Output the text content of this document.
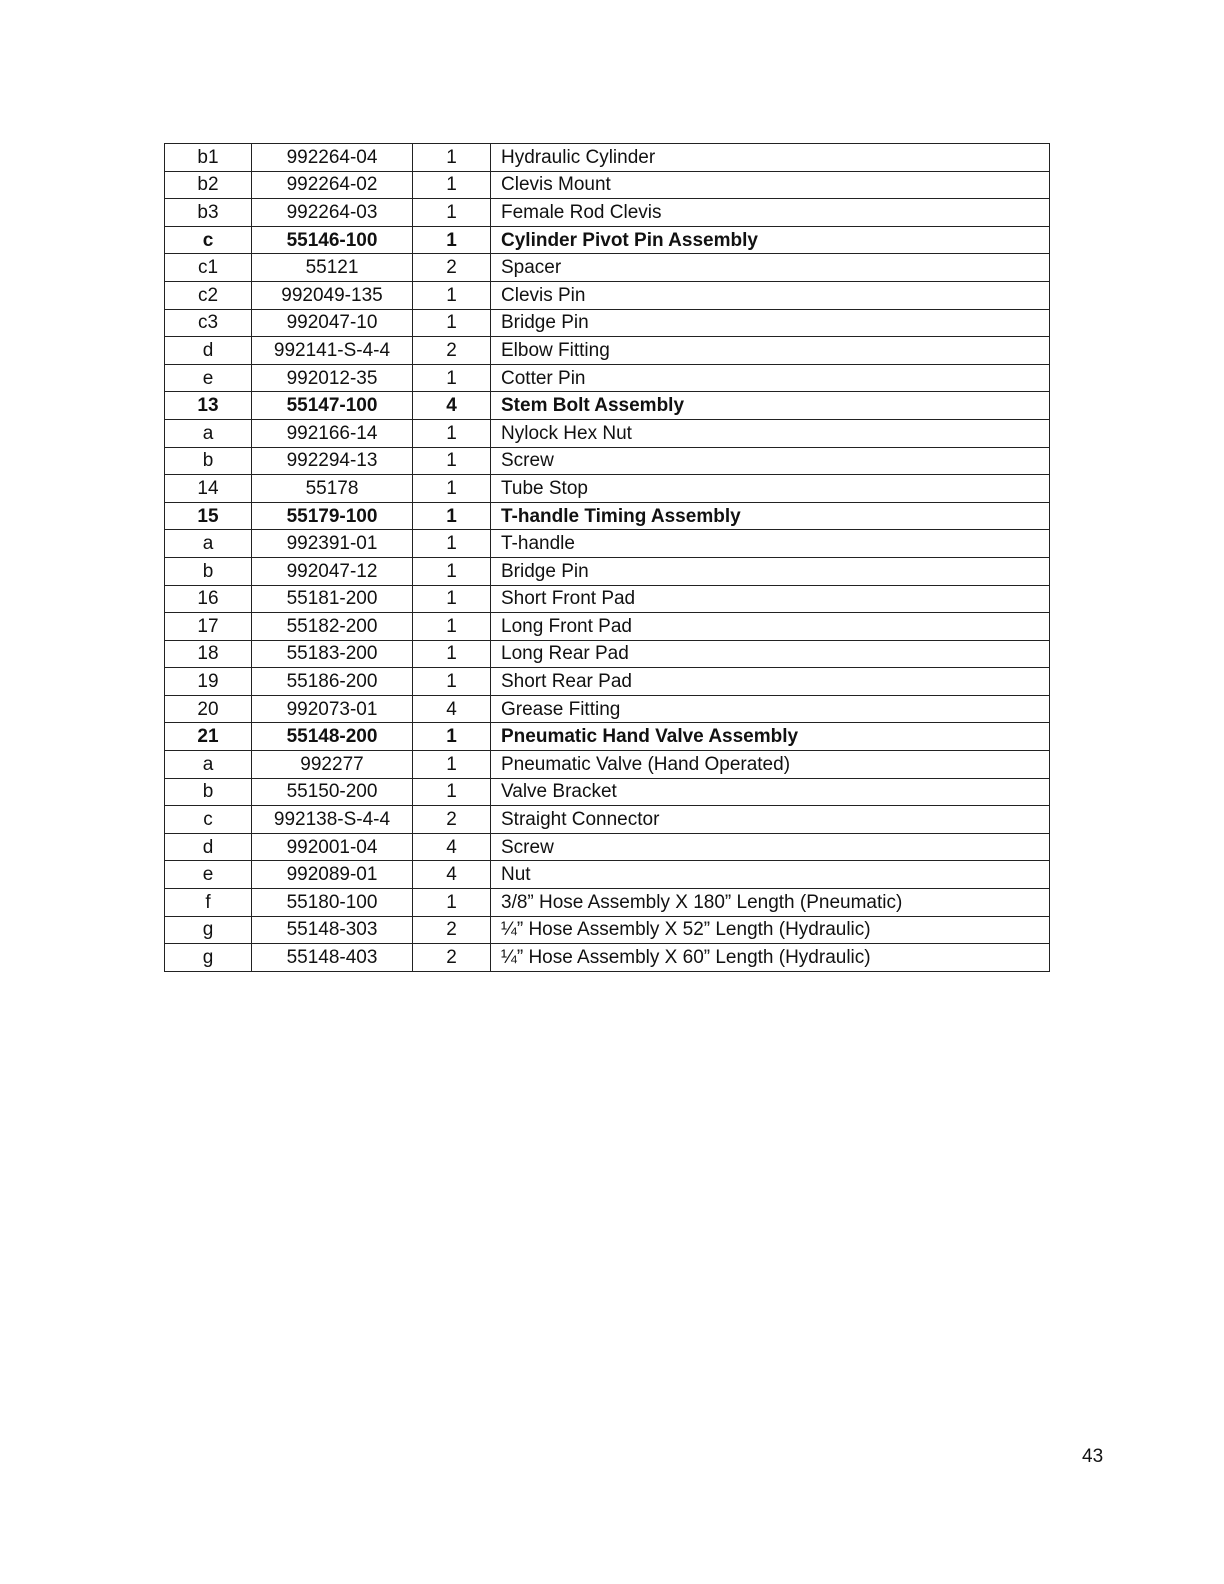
b1	992264-04	1	Hydraulic Cylinder
b2	992264-02	1	Clevis Mount
b3	992264-03	1	Female Rod Clevis
c	55146-100	1	Cylinder Pivot Pin Assembly
c1	55121	2	Spacer
c2	992049-135	1	Clevis Pin
c3	992047-10	1	Bridge Pin
d	992141-S-4-4	2	Elbow Fitting
e	992012-35	1	Cotter Pin
13	55147-100	4	Stem Bolt Assembly
a	992166-14	1	Nylock Hex Nut
b	992294-13	1	Screw
14	55178	1	Tube Stop
15	55179-100	1	T-handle Timing Assembly
a	992391-01	1	T-handle
b	992047-12	1	Bridge Pin
16	55181-200	1	Short Front Pad
17	55182-200	1	Long Front Pad
18	55183-200	1	Long Rear Pad
19	55186-200	1	Short Rear Pad
20	992073-01	4	Grease Fitting
21	55148-200	1	Pneumatic Hand Valve Assembly
a	992277	1	Pneumatic Valve (Hand Operated)
b	55150-200	1	Valve Bracket
c	992138-S-4-4	2	Straight Connector
d	992001-04	4	Screw
e	992089-01	4	Nut
f	55180-100	1	3/8” Hose Assembly X 180” Length (Pneumatic)
g	55148-303	2	¼” Hose Assembly X 52” Length (Hydraulic)
g	55148-403	2	¼” Hose Assembly X 60” Length (Hydraulic)
43
